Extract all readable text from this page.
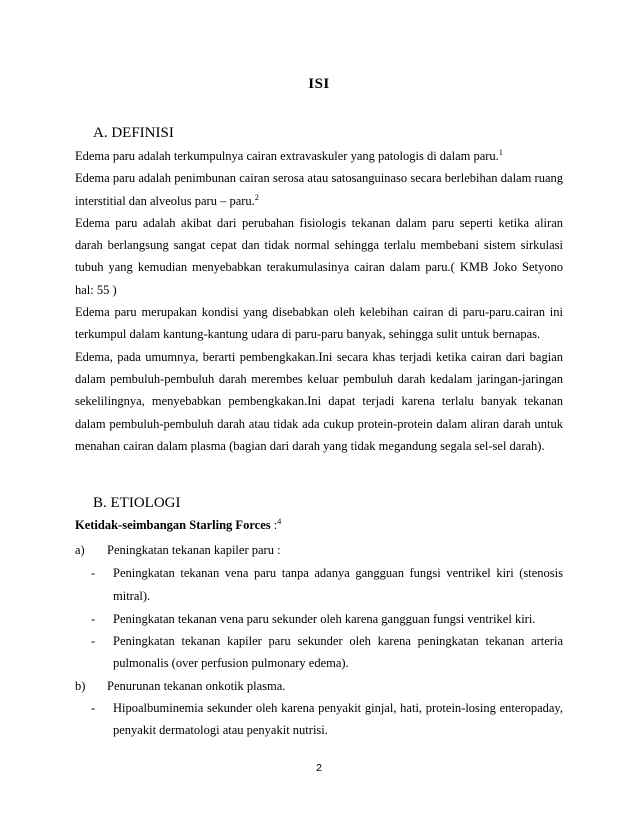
ISI
A. DEFINISI
Edema paru adalah terkumpulnya cairan extravaskuler yang patologis di dalam paru.$^1$
Edema paru adalah penimbunan cairan serosa atau satosanguinaso secara berlebihan dalam ruang
interstitial dan alveolus paru – paru.$^2$
Edema paru adalah akibat dari perubahan fisiologis tekanan dalam paru seperti ketika aliran
darah berlangsung sangat cepat dan tidak normal sehingga terlalu membebani sistem sirkulasi
tubuh yang kemudian menyebabkan terakumulasinya cairan dalam paru.( KMB Joko Setyono
hal: 55 )
Edema paru merupakan kondisi yang disebabkan oleh kelebihan cairan di paru-paru.cairan ini
terkumpul dalam kantung-kantung udara di paru-paru banyak, sehingga sulit untuk bernapas.
Edema, pada umumnya, berarti pembengkakan.Ini secara khas terjadi ketika cairan dari bagian
dalam pembuluh-pembuluh darah merembes keluar pembuluh darah kedalam jaringan-jaringan
sekelilingnya, menyebabkan pembengkakan.Ini dapat terjadi karena terlalu banyak tekanan
dalam pembuluh-pembuluh darah atau tidak ada cukup protein-protein dalam aliran darah untuk
menahan cairan dalam plasma (bagian dari darah yang tidak megandung segala sel-sel darah).
B. ETIOLOGI
Ketidak-seimbangan Starling Forces :$^4$
a) Peningkatan tekanan kapiler paru :
- Peningkatan tekanan vena paru tanpa adanya gangguan fungsi ventrikel kiri (stenosis
mitral).
- Peningkatan tekanan vena paru sekunder oleh karena gangguan fungsi ventrikel kiri.
- Peningkatan tekanan kapiler paru sekunder oleh karena peningkatan tekanan arteria
pulmonalis (over perfusion pulmonary edema).
b) Penurunan tekanan onkotik plasma.
- Hipoalbuminemia sekunder oleh karena penyakit ginjal, hati, protein-losing enteropaday,
penyakit dermatologi atau penyakit nutrisi.
2
